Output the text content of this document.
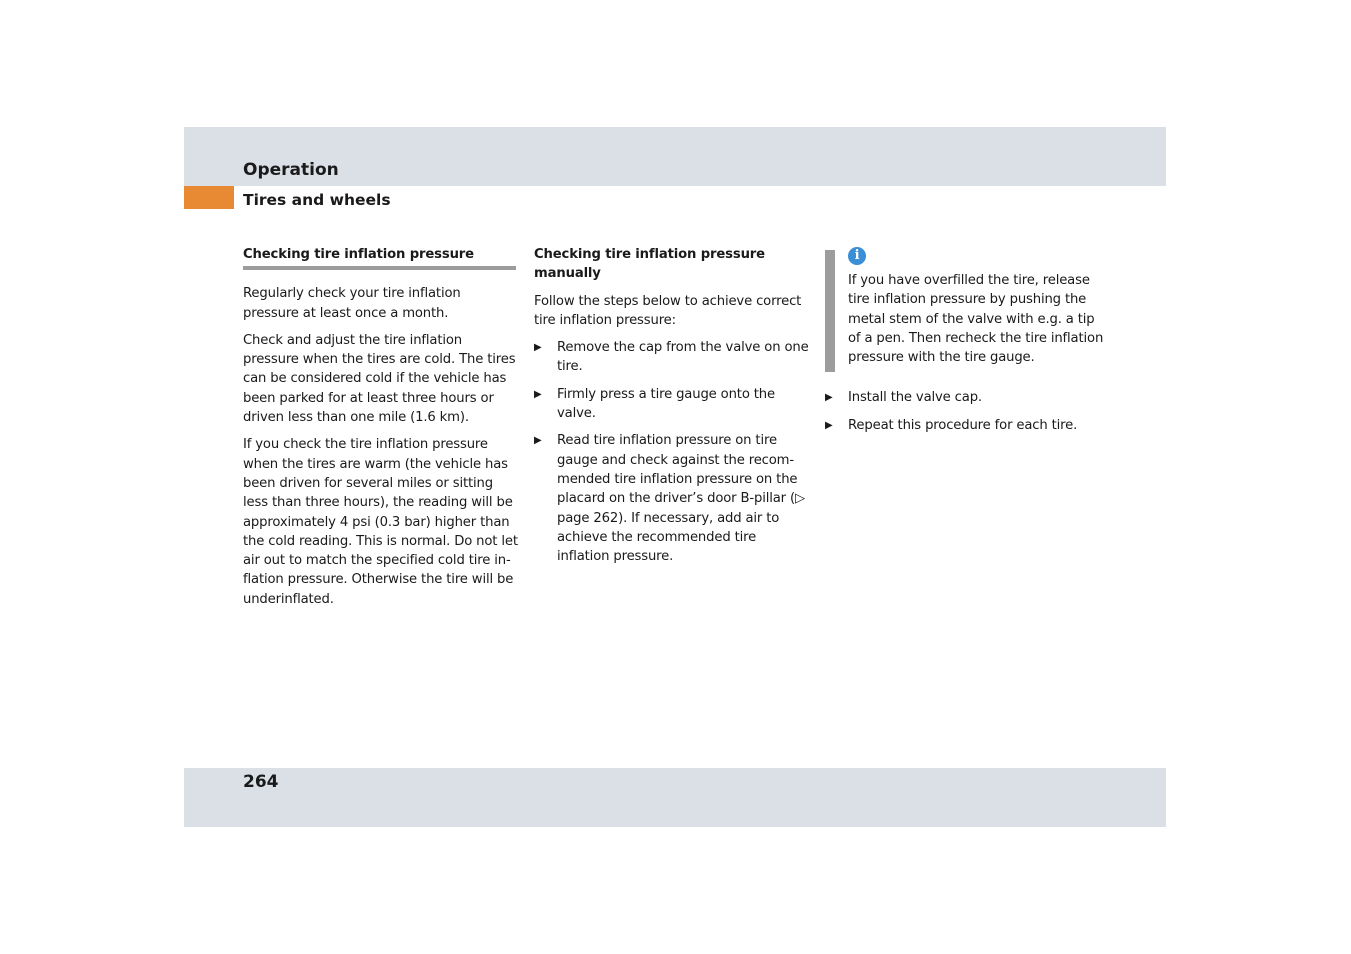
Operation
Tires and wheels
Checking tire inflation pressure

Regularly check your tire inflation pressure at least once a month.

Check and adjust the tire inflation pressure when the tires are cold. The tires can be considered cold if the vehicle has been parked for at least three hours or driven less than one mile (1.6 km).

If you check the tire inflation pressure when the tires are warm (the vehicle has been driven for several miles or sitting less than three hours), the reading will be approximately 4 psi (0.3 bar) higher than the cold reading. This is normal. Do not let air out to match the specified cold tire in-flation pressure. Otherwise the tire will be underinflated.

Checking tire inflation pressure manually

Follow the steps below to achieve correct tire inflation pressure:

▶ Remove the cap from the valve on one tire.
▶ Firmly press a tire gauge onto the valve.
▶ Read tire inflation pressure on tire gauge and check against the recom-mended tire inflation pressure on the placard on the driver’s door B-pillar (▷ page 262). If necessary, add air to achieve the recommended tire inflation pressure.
i
If you have overfilled the tire, release tire inflation pressure by pushing the metal stem of the valve with e.g. a tip of a pen. Then recheck the tire inflation pressure with the tire gauge.
▶ Install the valve cap.
▶ Repeat this procedure for each tire.
264
